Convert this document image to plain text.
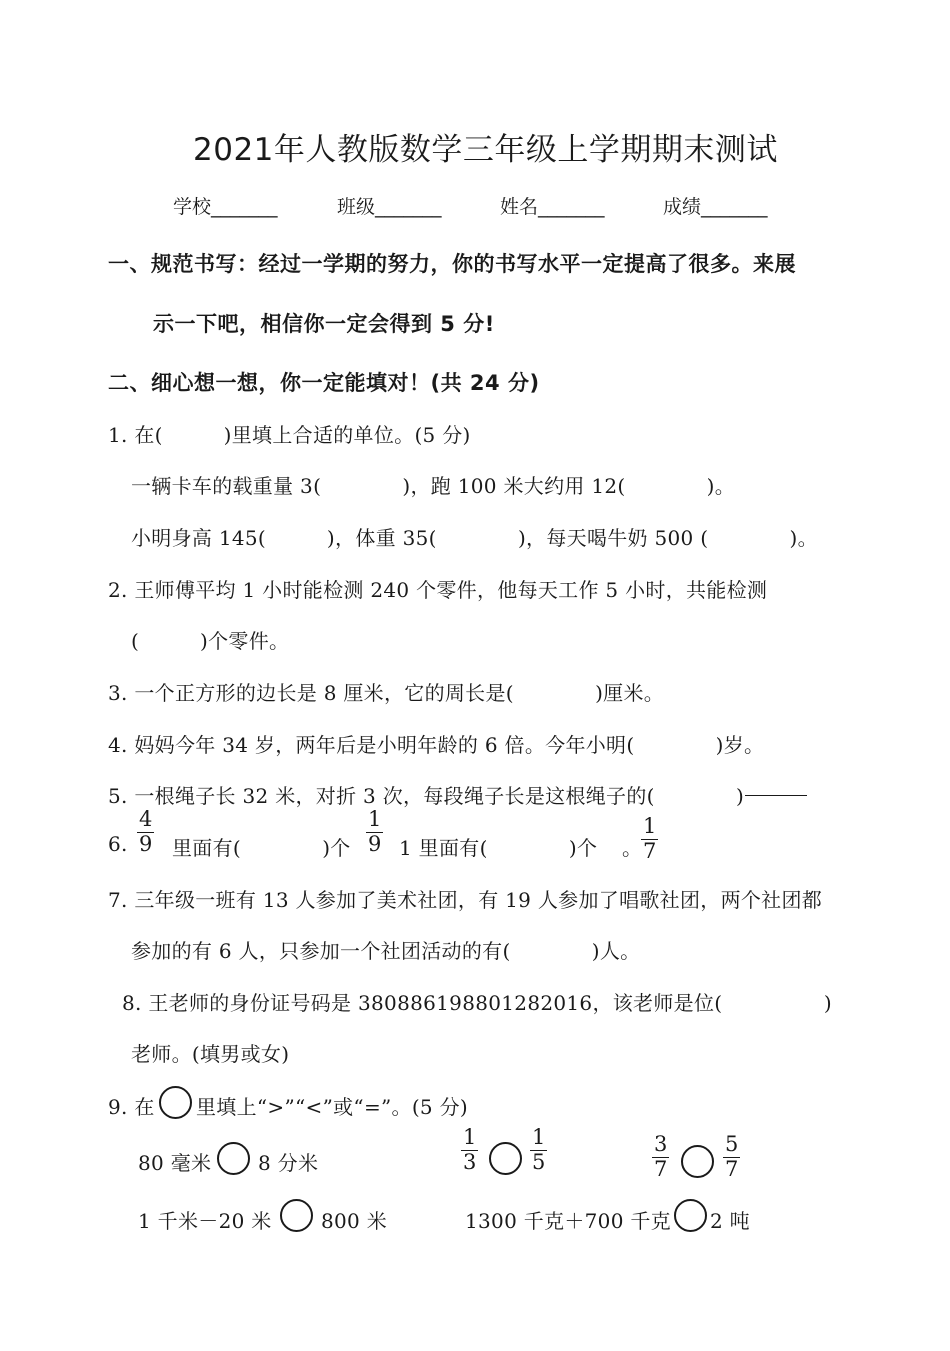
2021年人教版数学三年级上学期期末测试
学校_______	班级_______	姓名_______	成绩_______
一、规范书写：经过一学期的努力，你的书写水平一定提高了很多。来展
示一下吧，相信你一定会得到 5 分!
二、细心想一想，你一定能填对！(共 24 分)
1. 在(　　　)里填上合适的单位。(5 分)
一辆卡车的载重量 3(　　　　)，跑 100 米大约用 12(　　　　)。
小明身高 145(　　　)，体重 35(　　　　)，每天喝牛奶 500 (　　　　)。
2. 王师傅平均 1 小时能检测 240 个零件，他每天工作 5 小时，共能检测
(　　　)个零件。
3. 一个正方形的边长是 8 厘米，它的周长是(　　　　)厘米。
4. 妈妈今年 34 岁，两年后是小明年龄的 6 倍。今年小明(　　　　)岁。
5. 一根绳子长 32 米，对折 3 次，每段绳子长是这根绳子的(　　　　)
6. $\frac{4}{9}$ 里面有(　　　　)个 $\frac{1}{9} 1$ 里面有(　　　　)个 。
$\frac{1}{7}$
7. 三年级一班有 13 人参加了美术社团，有 19 人参加了唱歌社团，两个社团都
参加的有 6 人，只参加一个社团活动的有(　　　　)人。
8. 王老师的身份证号码是 380886198801282016，该老师是位(　　　　　)
老师。(填男或女)
9. 在 里填上“>”“<”或“=”。(5 分)
80 毫米 8 分米	$\frac{1}{3} \frac{1}{5}$	$\frac{3}{7}$	$\frac{5}{7}$
1 千米－20 米 800 米	1300 千克＋700 千克 2 吨
